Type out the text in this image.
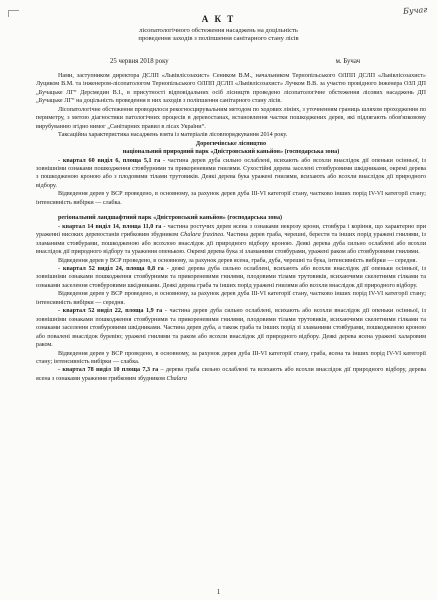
Бучаг
А К Т
лісопатологічного обстеження насаджень на доцільність
проведення заходів з поліпшення санітарного стану лісів
25 червня 2018 року	м. Бучач

Нами, заступником директора ДСЛП «Львівлісозахист» Сеником В.М., начальником Тернопільського ОЛПП ДСЛП «Львівлісозахист» Луциком В.М. та інженером-лісопатологом Тернопільського ОЛПП ДСЛП «Львівлісозахист» Лучком В.В. за участю провідного інженера ОЗЛ ДП „Бучацьке ЛГ“ Дерсмедин В.І., в присутності відповідальних осіб лісництв проведено лісопатологічне обстеження лісових насаджень ДП „Бучацьке ЛГ“ на доцільність проведення в них заходів з поліпшення санітарного стану лісів.

Лісопатологічне обстеження проводилося рекогносцирувальним методом по ходових лініях, з уточненням границь шляхом проходження по периметру, з метою діагностики патологічних процесів в деревостанах, встановлення частки пошкоджених дерев, які підлягають обов'язковому вирубуванню згідно вимог „Санітарних правил в лісах України“.

Таксаційна характеристика насаджень взята із матеріалів лісовпорядкування 2014 року.

Дорогичівське лісництво

національний природний парк «Дністровський каньйон» (господарська зона)

- квартал 60 виділ 6, площа 5,1 га - частина дерев дуба сильно ослаблені, всихають або всохли внаслідок дії опеньки осінньої, із зовнішніми ознаками пошкодження стовбурними та прикореневими гнилями. Сухостійні дерева заселені стовбуровими шкідниками, окремі дерева з пошкодженою кроною або з плодовими тілами трутовиків. Деякі дерева бука уражені гнилями, всихають або всохли внаслідок дії природного відбору.

Відведення дерев у ВСР проведено, в основному, за рахунок дерев дуба III-VI категорії стану, частково інших порід IV-VI категорії стану; інтенсивність вибірки — слабка.

регіональний ландшафтний парк «Дністровський каньйон» (господарська зона)

- квартал 14 виділ 14, площа 11,0 га - частина ростучих дерев ясена з ознаками некрозу крони, стовбура і коріння, що характерно при ураженні високих деревостанів грибковим збудником Chalara fraxinea. Частина дерев граба, черешні, берести та інших порід уражені гнилями, із зламаними стовбурами, пошкодженою або всохлою внаслідок дії природного відбору кроною. Деякі дерева дуба сильно ослаблені або всохли внаслідок дії природного відбору та ураження опенькою. Окремі дерева бука зі зламаними стовбурами, уражені раком або стовбуровими гнилями.

Відведення дерев у ВСР проведено, в основному, за рахунок дерев ясена, граба, дуба, черешні та бука, інтенсивність вибірки — середня.

- квартал 52 виділ 24, площа 0,8 га - деякі дерева дуба сильно ослаблені, всихають або всохли внаслідок дії опеньки осінньої, із зовнішніми ознаками пошкодження стовбурними та прикореневими гнилями, плодовими тілами трутовиків, всихаючими скелетними гілками та ознаками заселення стовбуровими шкідниками. Деякі дерева граба та інших порід уражені гнилями або всохли внаслідок дії природного відбору.

Відведення дерев у ВСР проведено, в основному, за рахунок дерев дуба III-VI категорії стану, частково інших порід IV-VI категорії стану; інтенсивність вибірки — середня.

- квартал 52 виділ 22, площа 1,9 га - частина дерев дуба сильно ослаблені, всихають або всохли внаслідок дії опеньки осінньої, із зовнішніми ознаками пошкодження стовбурними та прикореневими гнилями, плодовими тілами трутовиків, всихаючими скелетними гілками та ознаками заселення стовбуровими шкідниками. Частина дерев дуба, а також граба та інших порід зі зламаними стовбурами, пошкодженою кроною або повалені внаслідок буревію; уражені гнилями та раком або всохли внаслідок дії природного відбору. Деякі дерева ясена уражені халаровим раком.

Відведення дерев у ВСР проведено, в основному, за рахунок дерев дуба III-VI категорії стану, граба, ясена та інших порід IV-VI категорії стану; інтенсивність вибірки — слабка.

- квартал 78 виділ 10 площа 7,3 га – дерева граба сильно ослаблені та всихають або всохли внаслідок дії природного відбору, дерева ясена з ознаками ураження грибковим збудником Chalara

1
